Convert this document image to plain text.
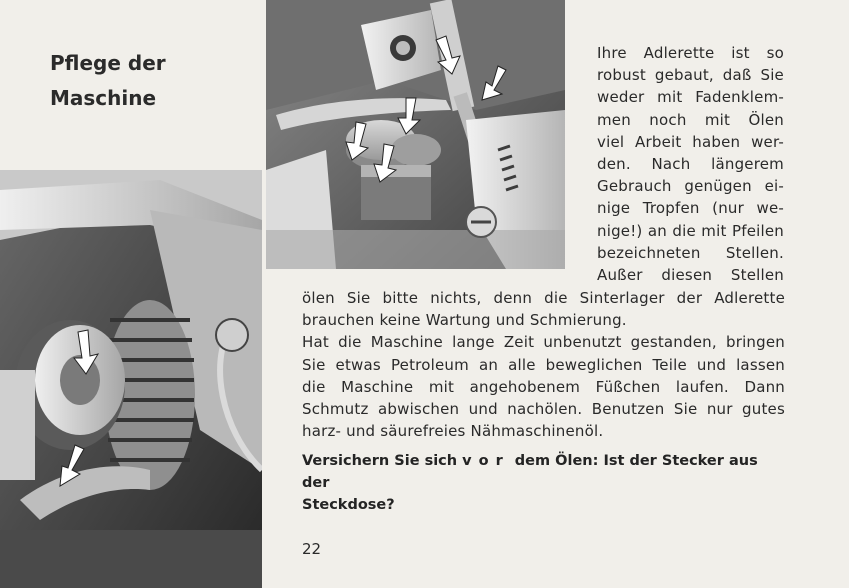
Pflege der
Maschine
Ihre Adlerette ist so
robust gebaut, daß Sie
weder mit Fadenklem-
men noch mit Ölen
viel Arbeit haben wer-
den. Nach längerem
Gebrauch genügen ei-
nige Tropfen (nur we-
nige!) an die mit Pfeilen
bezeichneten Stellen.
Außer diesen Stellen
ölen Sie bitte nichts, denn die Sinterlager der Adlerette
brauchen keine Wartung und Schmierung.
Hat die Maschine lange Zeit unbenutzt gestanden, bringen
Sie etwas Petroleum an alle beweglichen Teile und lassen
die Maschine mit angehobenem Füßchen laufen. Dann
Schmutz abwischen und nachölen. Benutzen Sie nur gutes
harz- und säurefreies Nähmaschinenöl.
Versichern Sie sich vor dem Ölen: Ist der Stecker aus der
Steckdose?
22
